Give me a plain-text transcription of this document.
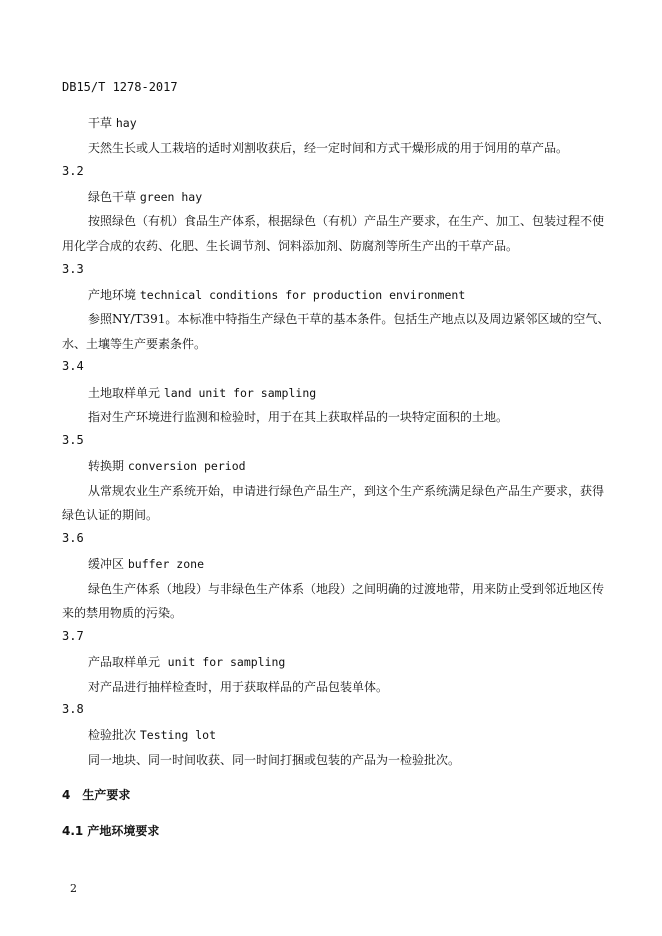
DB15/T 1278-2017
干草 hay
天然生长或人工栽培的适时刈割收获后，经一定时间和方式干燥形成的用于饲用的草产品。
3.2
绿色干草 green hay
按照绿色（有机）食品生产体系，根据绿色（有机）产品生产要求，在生产、加工、包装过程不使
用化学合成的农药、化肥、生长调节剂、饲料添加剂、防腐剂等所生产出的干草产品。
3.3
产地环境 technical conditions for production environment
参照NY/T391。本标准中特指生产绿色干草的基本条件。包括生产地点以及周边紧邻区域的空气、
水、土壤等生产要素条件。
3.4
土地取样单元 land unit for sampling
指对生产环境进行监测和检验时，用于在其上获取样品的一块特定面积的土地。
3.5
转换期 conversion period
从常规农业生产系统开始，申请进行绿色产品生产，到这个生产系统满足绿色产品生产要求，获得
绿色认证的期间。
3.6
缓冲区 buffer zone
绿色生产体系（地段）与非绿色生产体系（地段）之间明确的过渡地带，用来防止受到邻近地区传
来的禁用物质的污染。
3.7
产品取样单元 unit for sampling
对产品进行抽样检查时，用于获取样品的产品包装单体。
3.8
检验批次 Testing lot
同一地块、同一时间收获、同一时间打捆或包装的产品为一检验批次。
4　生产要求
4.1 产地环境要求
2
